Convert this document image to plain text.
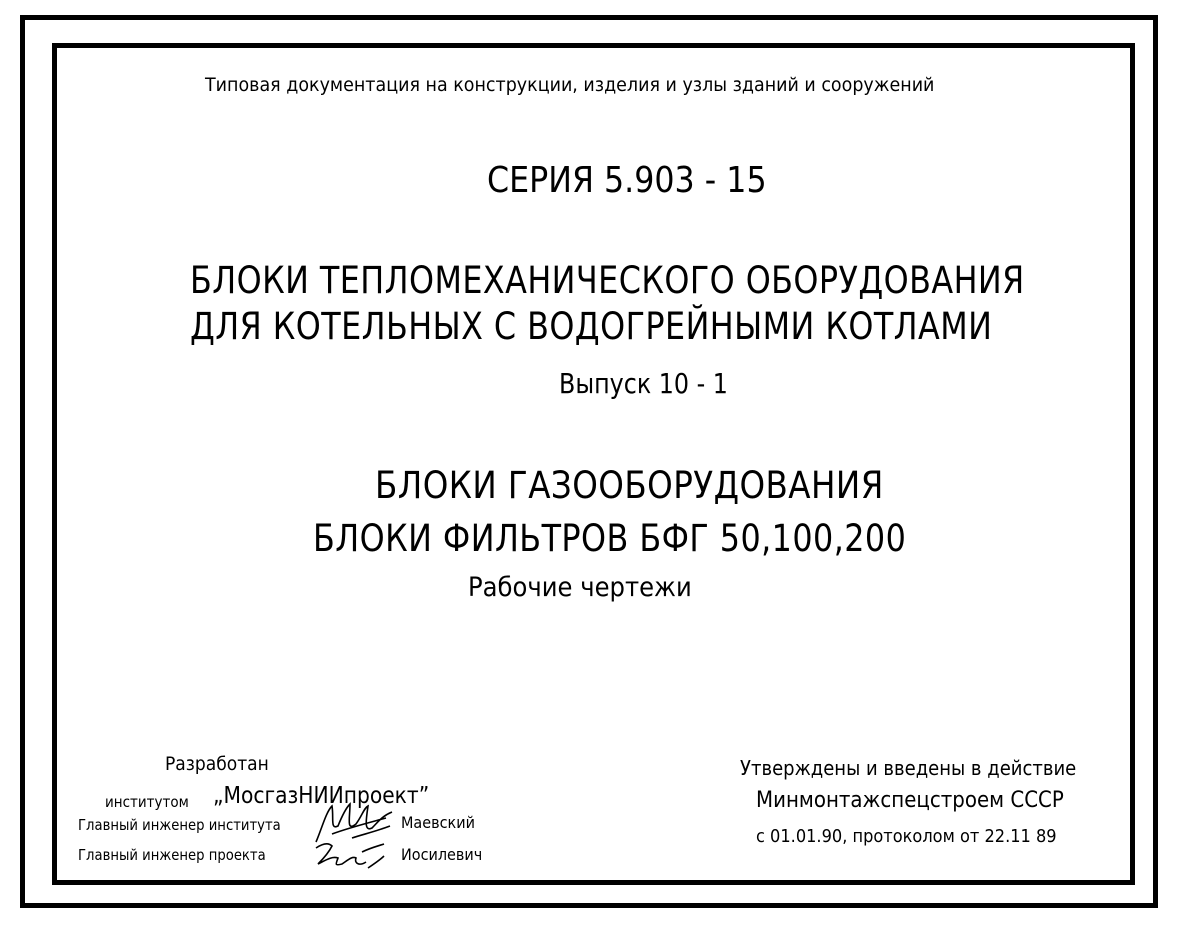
Типовая документация на конструкции, изделия и узлы зданий и сооружений
СЕРИЯ 5.903 - 15
БЛОКИ ТЕПЛОМЕХАНИЧЕСКОГО ОБОРУДОВАНИЯ
ДЛЯ КОТЕЛЬНЫХ С ВОДОГРЕЙНЫМИ КОТЛАМИ
Выпуск 10 - 1
БЛОКИ ГАЗООБОРУДОВАНИЯ
БЛОКИ ФИЛЬТРОВ БФГ 50,100,200
Рабочие чертежи
Разработан
институтом „МосгазНИИпроект”
Главный инженер института
Главный инженер проекта
Маевский
Иосилевич
Утверждены и введены в действие
Минмонтажспецстроем СССР
с 01.01.90, протоколом от 22.11 89
